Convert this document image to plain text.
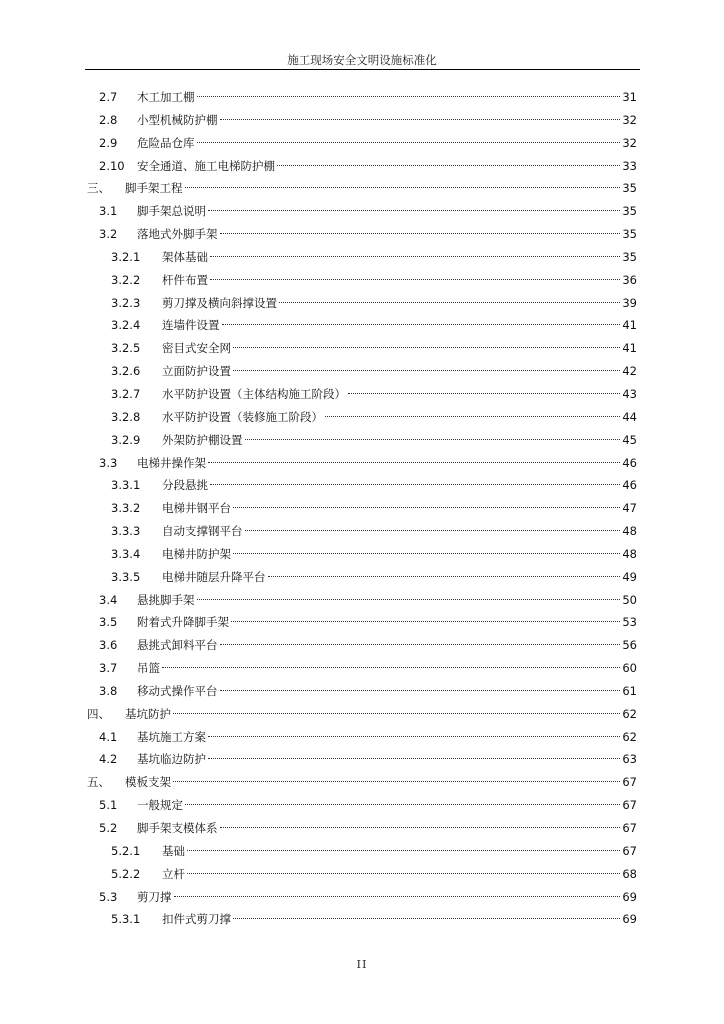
施工现场安全文明设施标准化
2.7 木工加工棚	31
2.8 小型机械防护棚	32
2.9 危险品仓库	32
2.10 安全通道、施工电梯防护棚	33
三、 脚手架工程	35
3.1 脚手架总说明	35
3.2 落地式外脚手架	35
3.2.1 架体基础	35
3.2.2 杆件布置	36
3.2.3 剪刀撑及横向斜撑设置	39
3.2.4 连墙件设置	41
3.2.5 密目式安全网	41
3.2.6 立面防护设置	42
3.2.7 水平防护设置（主体结构施工阶段）	43
3.2.8 水平防护设置（装修施工阶段）	44
3.2.9 外架防护棚设置	45
3.3 电梯井操作架	46
3.3.1 分段悬挑	46
3.3.2 电梯井钢平台	47
3.3.3 自动支撑钢平台	48
3.3.4 电梯井防护架	48
3.3.5 电梯井随层升降平台	49
3.4 悬挑脚手架	50
3.5 附着式升降脚手架	53
3.6 悬挑式卸料平台	56
3.7 吊篮	60
3.8 移动式操作平台	61
四、 基坑防护	62
4.1 基坑施工方案	62
4.2 基坑临边防护	63
五、 模板支架	67
5.1 一般规定	67
5.2 脚手架支模体系	67
5.2.1 基础	67
5.2.2 立杆	68
5.3 剪刀撑	69
5.3.1 扣件式剪刀撑	69
II
